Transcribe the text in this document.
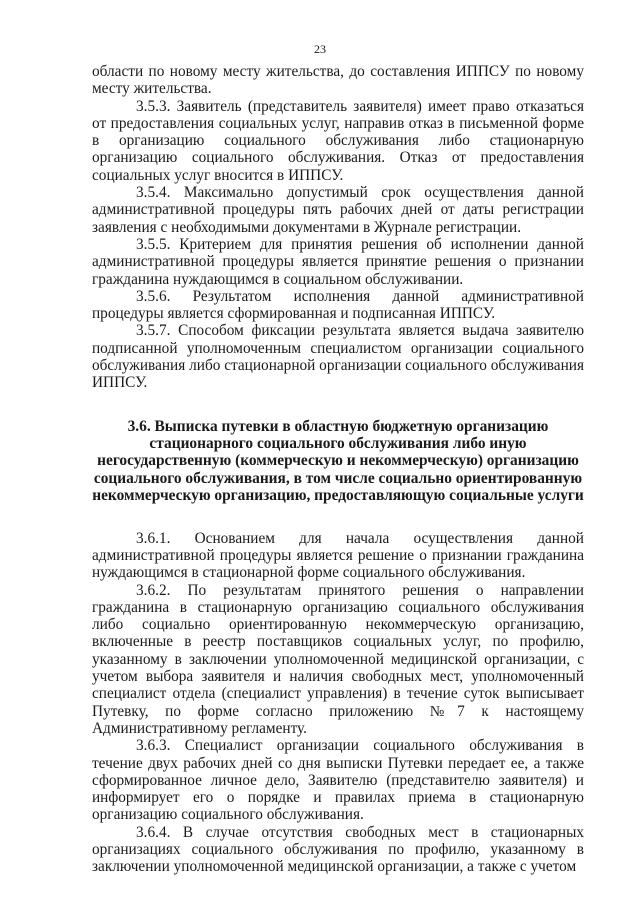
23

области по новому месту жительства, до составления ИППСУ по новому месту жительства.

3.5.3. Заявитель (представитель заявителя) имеет право отказаться от предоставления социальных услуг, направив отказ в письменной форме в организацию социального обслуживания либо стационарную организацию социального обслуживания. Отказ от предоставления социальных услуг вносится в ИППСУ.

3.5.4. Максимально допустимый срок осуществления данной административной процедуры пять рабочих дней от даты регистрации заявления с необходимыми документами в Журнале регистрации.

3.5.5. Критерием для принятия решения об исполнении данной административной процедуры является принятие решения о признании гражданина нуждающимся в социальном обслуживании.

3.5.6. Результатом исполнения данной административной процедуры является сформированная и подписанная ИППСУ.

3.5.7. Способом фиксации результата является выдача заявителю подписанной уполномоченным специалистом организации социального обслуживания либо стационарной организации социального обслуживания ИППСУ.

3.6. Выписка путевки в областную бюджетную организацию стационарного социального обслуживания либо иную негосударственную (коммерческую и некоммерческую) организацию социального обслуживания, в том числе социально ориентированную некоммерческую организацию, предоставляющую социальные услуги

3.6.1. Основанием для начала осуществления данной административной процедуры является решение о признании гражданина нуждающимся в стационарной форме социального обслуживания.

3.6.2. По результатам принятого решения о направлении гражданина в стационарную организацию социального обслуживания либо социально ориентированную некоммерческую организацию, включенные в реестр поставщиков социальных услуг, по профилю, указанному в заключении уполномоченной медицинской организации, с учетом выбора заявителя и наличия свободных мест, уполномоченный специалист отдела (специалист управления) в течение суток выписывает Путевку, по форме согласно приложению №7 к настоящему Административному регламенту.

3.6.3. Специалист организации социального обслуживания в течение двух рабочих дней со дня выписки Путевки передает ее, а также сформированное личное дело, Заявителю (представителю заявителя) и информирует его о порядке и правилах приема в стационарную организацию социального обслуживания.

3.6.4. В случае отсутствия свободных мест в стационарных организациях социального обслуживания по профилю, указанному в заключении уполномоченной медицинской организации, а также с учетом
